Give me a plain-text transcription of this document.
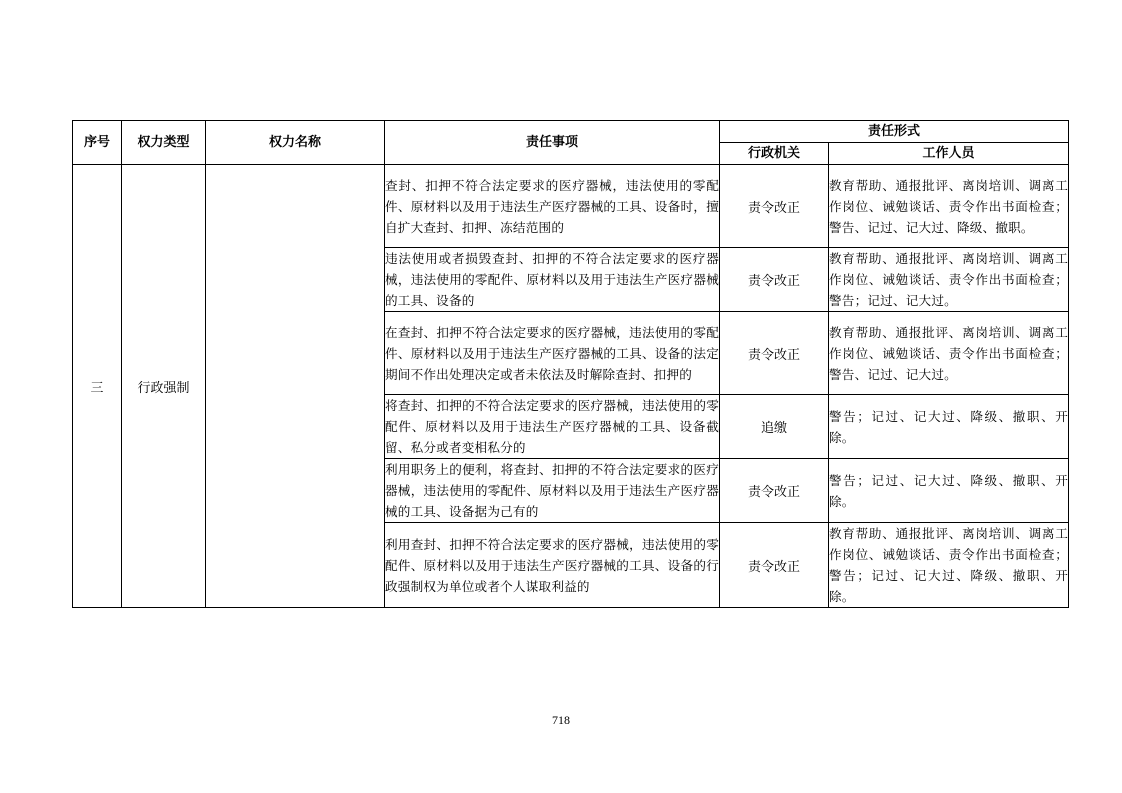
序号	权力类型	权力名称	责任事项	责任形式	
				行政机关	工作人员
三	行政强制		查封、扣押不符合法定要求的医疗器械，违法使用的零配件、原材料以及用于违法生产医疗器械的工具、设备时，擅自扩大查封、扣押、冻结范围的	责令改正	教育帮助、通报批评、离岗培训、调离工作岗位、诫勉谈话、责令作出书面检查；警告、记过、记大过、降级、撤职。
			违法使用或者损毁查封、扣押的不符合法定要求的医疗器械，违法使用的零配件、原材料以及用于违法生产医疗器械的工具、设备的	责令改正	教育帮助、通报批评、离岗培训、调离工作岗位、诫勉谈话、责令作出书面检查；警告；记过、记大过。
			在查封、扣押不符合法定要求的医疗器械，违法使用的零配件、原材料以及用于违法生产医疗器械的工具、设备的法定期间不作出处理决定或者未依法及时解除查封、扣押的	责令改正	教育帮助、通报批评、离岗培训、调离工作岗位、诫勉谈话、责令作出书面检查；警告、记过、记大过。
			将查封、扣押的不符合法定要求的医疗器械，违法使用的零配件、原材料以及用于违法生产医疗器械的工具、设备截留、私分或者变相私分的	追缴	警告；记过、记大过、降级、撤职、开除。
			利用职务上的便利，将查封、扣押的不符合法定要求的医疗器械，违法使用的零配件、原材料以及用于违法生产医疗器械的工具、设备据为己有的	责令改正	警告；记过、记大过、降级、撤职、开除。
			利用查封、扣押不符合法定要求的医疗器械，违法使用的零配件、原材料以及用于违法生产医疗器械的工具、设备的行政强制权为单位或者个人谋取利益的	责令改正	教育帮助、通报批评、离岗培训、调离工作岗位、诫勉谈话、责令作出书面检查；警告；记过、记大过、降级、撤职、开除。
718
